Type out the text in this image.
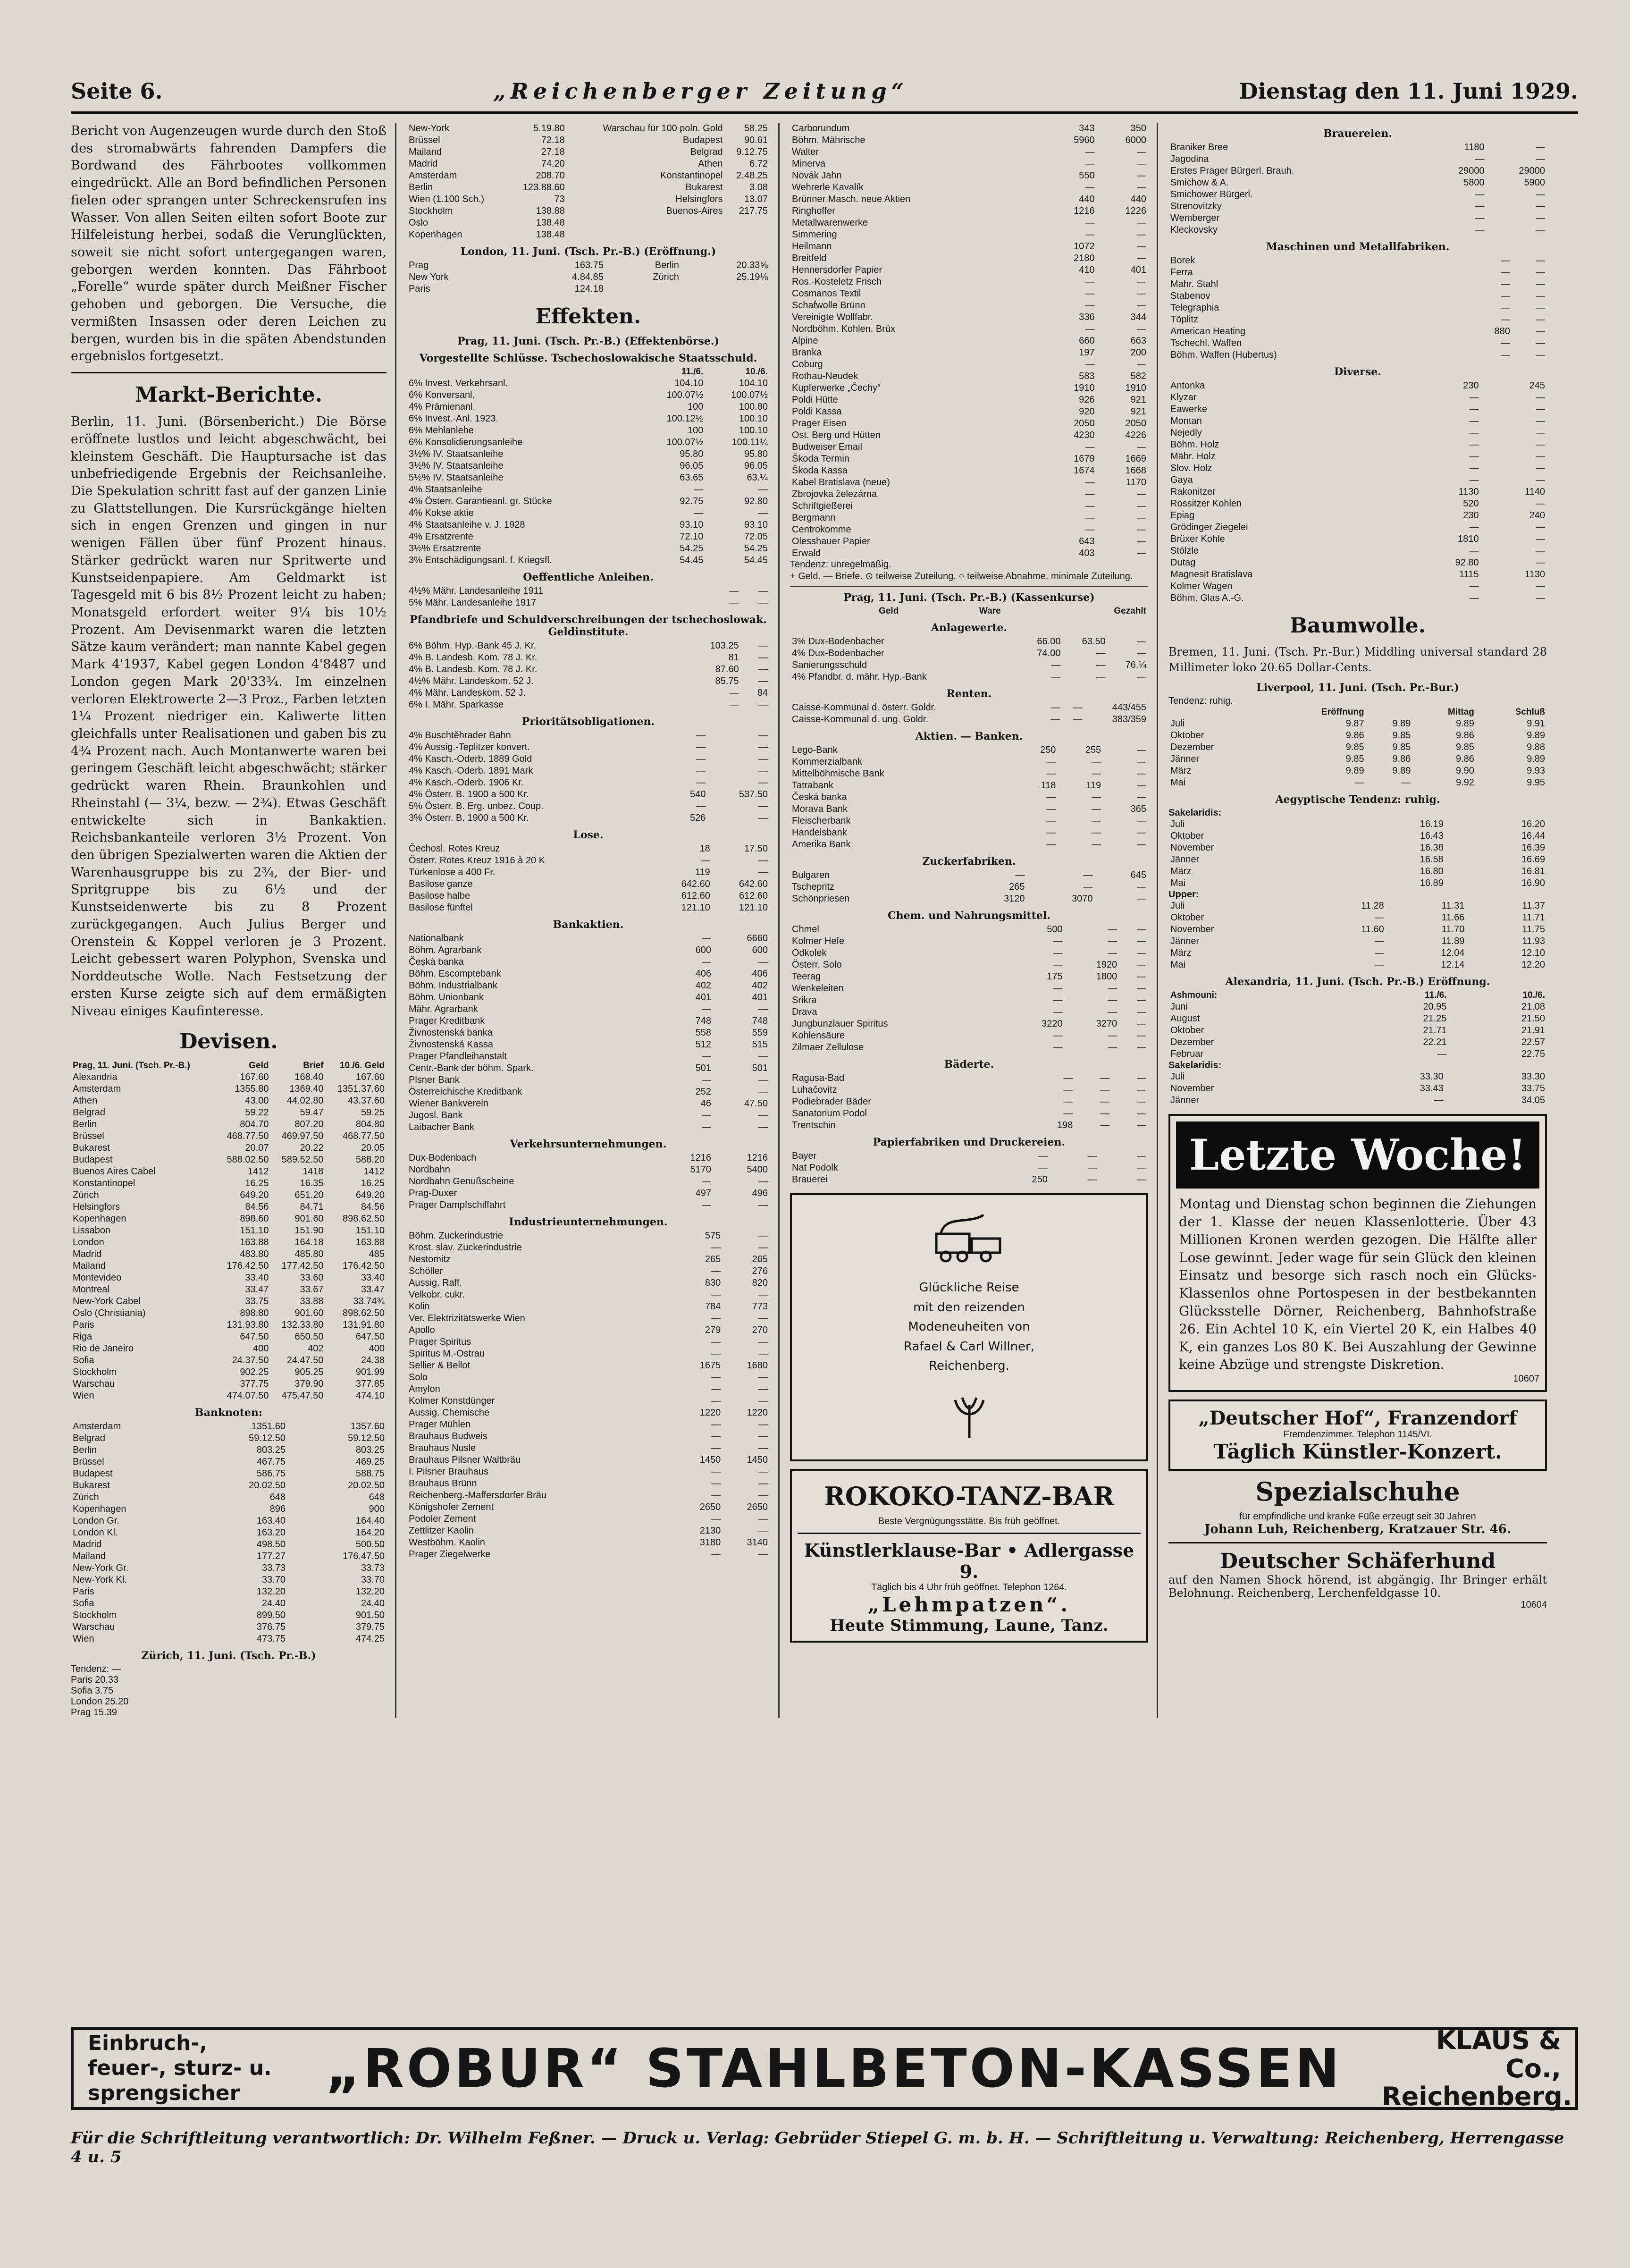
Seite 6.	„Reichenberger Zeitung“	Dienstag den 11. Juni 1929.

Bericht von Augenzeugen wurde durch den Stoß des stromabwärts fahrenden Dampfers die Bordwand des Fährbootes vollkommen eingedrückt. Alle an Bord befindlichen Personen fielen oder sprangen unter Schreckensrufen ins Wasser. Von allen Seiten eilten sofort Boote zur Hilfeleistung herbei, sodaß die Verunglückten, soweit sie nicht sofort untergegangen waren, geborgen werden konnten. Das Fährboot „Forelle“ wurde später durch Meißner Fischer gehoben und geborgen. Die Versuche, die vermißten Insassen oder deren Leichen zu bergen, wurden bis in die späten Abendstunden ergebnislos fortgesetzt.

Markt-Berichte.

Berlin, 11. Juni. (Börsenbericht.) Die Börse eröffnete lustlos und leicht abgeschwächt, bei kleinstem Geschäft. Die Hauptursache ist das unbefriedigende Ergebnis der Reichsanleihe. Die Spekulation schritt fast auf der ganzen Linie zu Glattstellungen. Die Kursrückgänge hielten sich in engen Grenzen und gingen in nur wenigen Fällen über fünf Prozent hinaus. Stärker gedrückt waren nur Spritwerte und Kunstseidenpapiere. Am Geldmarkt ist Tagesgeld mit 6 bis 8½ Prozent leicht zu haben; Monatsgeld erfordert weiter 9¼ bis 10½ Prozent. Am Devisenmarkt waren die letzten Sätze kaum verändert; man nannte Kabel gegen Mark 4'1937, Kabel gegen London 4'8487 und London gegen Mark 20'33¾. Im einzelnen verloren Elektrowerte 2—3 Proz., Farben letzten 1¼ Prozent niedriger ein. Kaliwerte litten gleichfalls unter Realisationen und gaben bis zu 4¾ Prozent nach. Auch Montanwerte waren bei geringem Geschäft leicht abgeschwächt; stärker gedrückt waren Rhein. Braunkohlen und Rheinstahl (— 3¼, bezw. — 2¾). Etwas Geschäft entwickelte sich in Bankaktien. Reichsbankanteile verloren 3½ Prozent. Von den übrigen Spezialwerten waren die Aktien der Warenhausgruppe bis zu 2¾, der Bier- und Spritgruppe bis zu 6½ und der Kunstseidenwerte bis zu 8 Prozent zurückgegangen. Auch Julius Berger und Orenstein & Koppel verloren je 3 Prozent. Leicht gebessert waren Polyphon, Svenska und Norddeutsche Wolle. Nach Festsetzung der ersten Kurse zeigte sich auf dem ermäßigten Niveau einiges Kaufinteresse.

Devisen.
Prag, 11. Juni. (Tsch. Pr.-B.)	Geld	Brief	10./6. Geld
Alexandria	167.60	168.40	167.60
Amsterdam	1355.80	1369.40	1351.37.60
Athen	43.00	44.02.80	43.37.60
Belgrad	59.22	59.47	59.25
Berlin	804.70	807.20	804.80
Brüssel	468.77.50	469.97.50	468.77.50
Bukarest	20.07	20.22	20.05
Budapest	588.02.50	589.52.50	588.20
Buenos Aires Cabel	1412	1418	1412
Konstantinopel	16.25	16.35	16.25
Zürich	649.20	651.20	649.20
Helsingfors	84.56	84.71	84.56
Kopenhagen	898.60	901.60	898.62.50
Lissabon	151.10	151.90	151.10
London	163.88	164.18	163.88
Madrid	483.80	485.80	485
Mailand	176.42.50	177.42.50	176.42.50
Montevideo	33.40	33.60	33.40
Montreal	33.47	33.67	33.47
New-York Cabel	33.75	33.88	33.74¾
Oslo (Christiania)	898.80	901.60	898.62.50
Paris	131.93.80	132.33.80	131.91.80
Riga	647.50	650.50	647.50
Rio de Janeiro	400	402	400
Sofia	24.37.50	24.47.50	24.38
Stockholm	902.25	905.25	901.99
Warschau	377.75	379.90	377.85
Wien	474.07.50	475.47.50	474.10
Banknoten:
Amsterdam	1351.60	1357.60
Belgrad	59.12.50	59.12.50
Berlin	803.25	803.25
Brüssel	467.75	469.25
Budapest	586.75	588.75
Bukarest	20.02.50	20.02.50
Zürich	648	648
Kopenhagen	896	900
London Gr.	163.40	164.40
London Kl.	163.20	164.20
Madrid	498.50	500.50
Mailand	177.27	176.47.50
New-York Gr.	33.73	33.73
New-York Kl.	33.70	33.70
Paris	132.20	132.20
Sofia	24.40	24.40
Stockholm	899.50	901.50
Warschau	376.75	379.75
Wien	473.75	474.25
Zürich, 11. Juni. (Tsch. Pr.-B.)
Tendenz: —
Paris 20.33
Sofia 3.75
London 25.20
Prag 15.39
New-York	5.19.80	Warschau für 100 poln. Gold	58.25
Brüssel	72.18	Budapest	90.61
Mailand	27.18	Belgrad	9.12.75
Madrid	74.20	Athen	6.72
Amsterdam	208.70	Konstantinopel	2.48.25
Berlin	123.88.60	Bukarest	3.08
Wien (1.100 Sch.)	73	Helsingfors	13.07
Stockholm	138.88	Buenos-Aires	217.75
Oslo	138.48		
Kopenhagen	138.48		
London, 11. Juni. (Tsch. Pr.-B.) (Eröffnung.)
Prag	163.75	Berlin	20.33⅝
New York	4.84.85	Zürich	25.19⅛
Paris	124.18		
Effekten.
Prag, 11. Juni. (Tsch. Pr.-B.) (Effektenbörse.)
Vorgestellte Schlüsse. Tschechoslowakische Staatsschuld.
	11./6.	10./6.
6% Invest. Verkehrsanl.	104.10	104.10
6% Konversanl.	100.07½	100.07½
4% Prämienanl.	100	100.80
6% Invest.-Anl. 1923.	100.12½	100.10
6% Mehlanlehe	100	100.10
6% Konsolidierungsanleihe	100.07½	100.11¼
3½% IV. Staatsanleihe	95.80	95.80
3½% IV. Staatsanleihe	96.05	96.05
5½% IV. Staatsanleihe	63.65	63.¼
4% Staatsanleihe	—	—
4% Österr. Garantieanl. gr. Stücke	92.75	92.80
4% Kokse aktie	—	—
4% Staatsanleihe v. J. 1928	93.10	93.10
4% Ersatzrente	72.10	72.05
3½% Ersatzrente	54.25	54.25
3% Entschädigungsanl. f. Kriegsfl.	54.45	54.45
Oeffentliche Anleihen.
4½% Mähr. Landesanleihe 1911	—	—
5% Mähr. Landesanleihe 1917	—	—
Pfandbriefe und Schuldverschreibungen der tschechoslowak. Geldinstitute.
6% Böhm. Hyp.-Bank 45 J. Kr.	103.25	—
4% B. Landesb. Kom. 78 J. Kr.	81	—
4% B. Landesb. Kom. 78 J. Kr.	87.60	—
4½% Mähr. Landeskom. 52 J.	85.75	—
4% Mähr. Landeskom. 52 J.	—	84
6% I. Mähr. Sparkasse	—	—
Prioritätsobligationen.
4% Buschtěhrader Bahn	—	—
4% Aussig.-Teplitzer konvert.	—	—
4% Kasch.-Oderb. 1889 Gold	—	—
4% Kasch.-Oderb. 1891 Mark	—	—
4% Kasch.-Oderb. 1906 Kr.	—	—
4% Österr. B. 1900 a 500 Kr.	540	537.50
5% Österr. B. Erg. unbez. Coup.	—	—
3% Österr. B. 1900 a 500 Kr.	526	—
Lose.
Čechosl. Rotes Kreuz	18	17.50
Österr. Rotes Kreuz 1916 à 20 K	—	—
Türkenlose a 400 Fr.	119	—
Basilose ganze	642.60	642.60
Basilose halbe	612.60	612.60
Basilose fünftel	121.10	121.10
Bankaktien.
Nationalbank	—	6660
Böhm. Agrarbank	600	600
Česká banka	—	—
Böhm. Escomptebank	406	406
Böhm. Industrialbank	402	402
Böhm. Unionbank	401	401
Mähr. Agrarbank	—	—
Prager Kreditbank	748	748
Živnostenská banka	558	559
Živnostenská Kassa	512	515
Prager Pfandleihanstalt	—	—
Centr.-Bank der böhm. Spark.	501	501
Plsner Bank	—	—
Österreichische Kreditbank	252	—
Wiener Bankverein	46	47.50
Jugosl. Bank	—	—
Laibacher Bank	—	—
Verkehrsunternehmungen.
Dux-Bodenbach	1216	1216
Nordbahn	5170	5400
Nordbahn Genußscheine	—	—
Prag-Duxer	497	496
Prager Dampfschiffahrt	—	—
Industrieunternehmungen.
Böhm. Zuckerindustrie	575	—
Krost. slav. Zuckerindustrie	—	—
Nestomitz	265	265
Schöller	—	276
Aussig. Raff.	830	820
Velkobr. cukr.	—	—
Kolin	784	773
Ver. Elektrizitätswerke Wien	—	—
Apollo	279	270
Prager Spiritus	—	—
Spiritus M.-Ostrau	—	—
Sellier & Bellot	1675	1680
Solo	—	—
Amylon	—	—
Kolmer Konstdünger	—	—
Aussig. Chemische	1220	1220
Prager Mühlen	—	—
Brauhaus Budweis	—	—
Brauhaus Nusle	—	—
Brauhaus Pilsner Waltbräu	1450	1450
I. Pilsner Brauhaus	—	—
Brauhaus Brünn	—	—
Reichenberg.-Maffersdorfer Bräu	—	—
Königshofer Zement	2650	2650
Podoler Zement	—	—
Zettlitzer Kaolin	2130	—
Westböhm. Kaolin	3180	3140
Prager Ziegelwerke	—	—
Carborundum	343	350
Böhm. Mährische	5960	6000
Walter	—	—
Minerva	—	—
Novák Jahn	550	—
Wehrerle Kavalík	—	—
Brünner Masch. neue Aktien	440	440
Ringhoffer	1216	1226
Metallwarenwerke	—	—
Simmering	—	—
Heilmann	1072	—
Breitfeld	2180	—
Hennersdorfer Papier	410	401
Ros.-Kosteletz Frisch	—	—
Cosmanos Textil	—	—
Schafwolle Brünn	—	—
Vereinigte Wollfabr.	336	344
Nordböhm. Kohlen. Brüx	—	—
Alpine	660	663
Branka	197	200
Coburg	—	—
Rothau-Neudek	583	582
Kupferwerke „Čechy“	1910	1910
Poldi Hütte	926	921
Poldi Kassa	920	921
Prager Eisen	2050	2050
Ost. Berg und Hütten	4230	4226
Budweiser Email	—	—
Škoda Termin	1679	1669
Škoda Kassa	1674	1668
Kabel Bratislava (neue)	—	1170
Zbrojovka železárna	—	—
Schriftgießerei	—	—
Bergmann	—	—
Centrokomme	—	—
Olesshauer Papier	643	—
Erwald	403	—
Tendenz: unregelmäßig.
+ Geld. — Briefe. ⊙ teilweise Zuteilung. ○ teilweise Abnahme. minimale Zuteilung.
Prag, 11. Juni. (Tsch. Pr.-B.) (Kassenkurse)
	Geld	Ware	Gezahlt
Anlagewerte.
3% Dux-Bodenbacher	66.00	63.50	—
4% Dux-Bodenbacher	74.00	—	—
Sanierungsschuld	—	—	76.¼
4% Pfandbr. d. mähr. Hyp.-Bank	—	—	—
Renten.
Caisse-Kommunal d. österr. Goldr.	—	—	443/455
Caisse-Kommunal d. ung. Goldr.	—	—	383/359
Aktien. — Banken.
Lego-Bank	250	255	—
Kommerzialbank	—	—	—
Mittelböhmische Bank	—	—	—
Tatrabank	118	119	—
Česká banka	—	—	—
Morava Bank	—	—	365
Fleischerbank	—	—	—
Handelsbank	—	—	—
Amerika Bank	—	—	—
Zuckerfabriken.
Bulgaren	—	—	645
Tschepritz	265	—	—
Schönpriesen	3120	3070	—
Chem. und Nahrungsmittel.
Chmel	500	—	—
Kolmer Hefe	—	—	—
Odkolek	—	—	—
Österr. Solo	—	1920	—
Teerag	175	1800	—
Wenkeleiten	—	—	—
Srikra	—	—	—
Drava	—	—	—
Jungbunzlauer Spiritus	3220	3270	—
Kohlensäure	—	—	—
Zilmaer Zellulose	—	—	—
Bäderte.
Ragusa-Bad	—	—	—
Luhačovitz	—	—	—
Podiebrader Bäder	—	—	—
Sanatorium Podol	—	—	—
Trentschin	198	—	—
Papierfabriken und Druckereien.
Bayer	—	—	—
Nat Podolk	—	—	—
Brauerei	250	—	—
Glückliche Reise
mit den reizenden
Modeneuheiten von
Rafael & Carl Willner,
Reichenberg.
ROKOKO-TANZ-BAR
Beste Vergnügungsstätte. Bis früh geöffnet.
Künstlerklause-Bar • Adlergasse 9.
Täglich bis 4 Uhr früh geöffnet. Telephon 1264.
„Lehmpatzen“.
Heute Stimmung, Laune, Tanz.
Brauereien.
Braniker Bree	1180	—
Jagodina	—	—
Erstes Prager Bürgerl. Brauh.	29000	29000
Smichow & A.	5800	5900
Smichower Bürgerl.	—	—
Strenovitzky	—	—
Wemberger	—	—
Kleckovsky	—	—
Maschinen und Metallfabriken.
Borek	—	—
Ferra	—	—
Mahr. Stahl	—	—
Stabenov	—	—
Telegraphia	—	—
Töplitz	—	—
American Heating	880	—
Tschechl. Waffen	—	—
Böhm. Waffen (Hubertus)	—	—
Diverse.
Antonka	230	245
Klyzar	—	—
Eawerke	—	—
Montan	—	—
Nejedly	—	—
Böhm. Holz	—	—
Mähr. Holz	—	—
Slov. Holz	—	—
Gaya	—	—
Rakonitzer	1130	1140
Rossitzer Kohlen	520	—
Epiag	230	240
Grödinger Ziegelei	—	—
Brüxer Kohle	1810	—
Stölzle	—	—
Dutag	92.80	—
Magnesit Bratislava	1115	1130
Kolmer Wagen	—	—
Böhm. Glas A.-G.	—	—
Baumwolle.

Bremen, 11. Juni. (Tsch. Pr.-Bur.) Middling universal standard 28 Millimeter loko 20.65 Dollar-Cents.

Liverpool, 11. Juni. (Tsch. Pr.-Bur.)
Tendenz: ruhig.
	Eröffnung		Mittag	Schluß
Juli	9.87	9.89	9.89	9.91
Oktober	9.86	9.85	9.86	9.89
Dezember	9.85	9.85	9.85	9.88
Jänner	9.85	9.86	9.86	9.89
März	9.89	9.89	9.90	9.93
Mai	—	—	9.92	9.95
Aegyptische Tendenz: ruhig.
Sakelaridis:
Juli	16.19	16.20
Oktober	16.43	16.44
November	16.38	16.39
Jänner	16.58	16.69
März	16.80	16.81
Mai	16.89	16.90
Upper:
Juli	11.28	11.31	11.37
Oktober	—	11.66	11.71
November	11.60	11.70	11.75
Jänner	—	11.89	11.93
März	—	12.04	12.10
Mai	—	12.14	12.20
Alexandria, 11. Juni. (Tsch. Pr.-B.) Eröffnung.
Ashmouni:	11./6.	10./6.
Juni	20.95	21.08
August	21.25	21.50
Oktober	21.71	21.91
Dezember	22.21	22.57
Februar	—	22.75
Sakelaridis:
Juli	33.30	33.30
November	33.43	33.75
Jänner	—	34.05
Letzte Woche!

Montag und Dienstag schon beginnen die Ziehungen der 1. Klasse der neuen Klassenlotterie. Über 43 Millionen Kronen werden gezogen. Die Hälfte aller Lose gewinnt. Jeder wage für sein Glück den kleinen Einsatz und besorge sich rasch noch ein Glücks-Klassenlos ohne Portospesen in der bestbekannten Glücksstelle Dörner, Reichenberg, Bahnhofstraße 26. Ein Achtel 10 K, ein Viertel 20 K, ein Halbes 40 K, ein ganzes Los 80 K. Bei Auszahlung der Gewinne keine Abzüge und strengste Diskretion.

10607
„Deutscher Hof“, Franzendorf
Fremdenzimmer. Telephon 1145/VI.
Täglich Künstler-Konzert.
Spezialschuhe
für empfindliche und kranke Füße erzeugt seit 30 Jahren
Johann Luh, Reichenberg, Kratzauer Str. 46.
Deutscher Schäferhund
auf den Namen Shock hörend, ist abgängig. Ihr Bringer erhält Belohnung. Reichenberg, Lerchenfeldgasse 10.
10604
Einbruch-, feuer-, sturz- u. sprengsicher	„ROBUR“ STAHLBETON-KASSEN	KLAUS & Co., Reichenberg.
Für die Schriftleitung verantwortlich: Dr. Wilhelm Feßner. — Druck u. Verlag: Gebrüder Stiepel G. m. b. H. — Schriftleitung u. Verwaltung: Reichenberg, Herrengasse 4 u. 5
